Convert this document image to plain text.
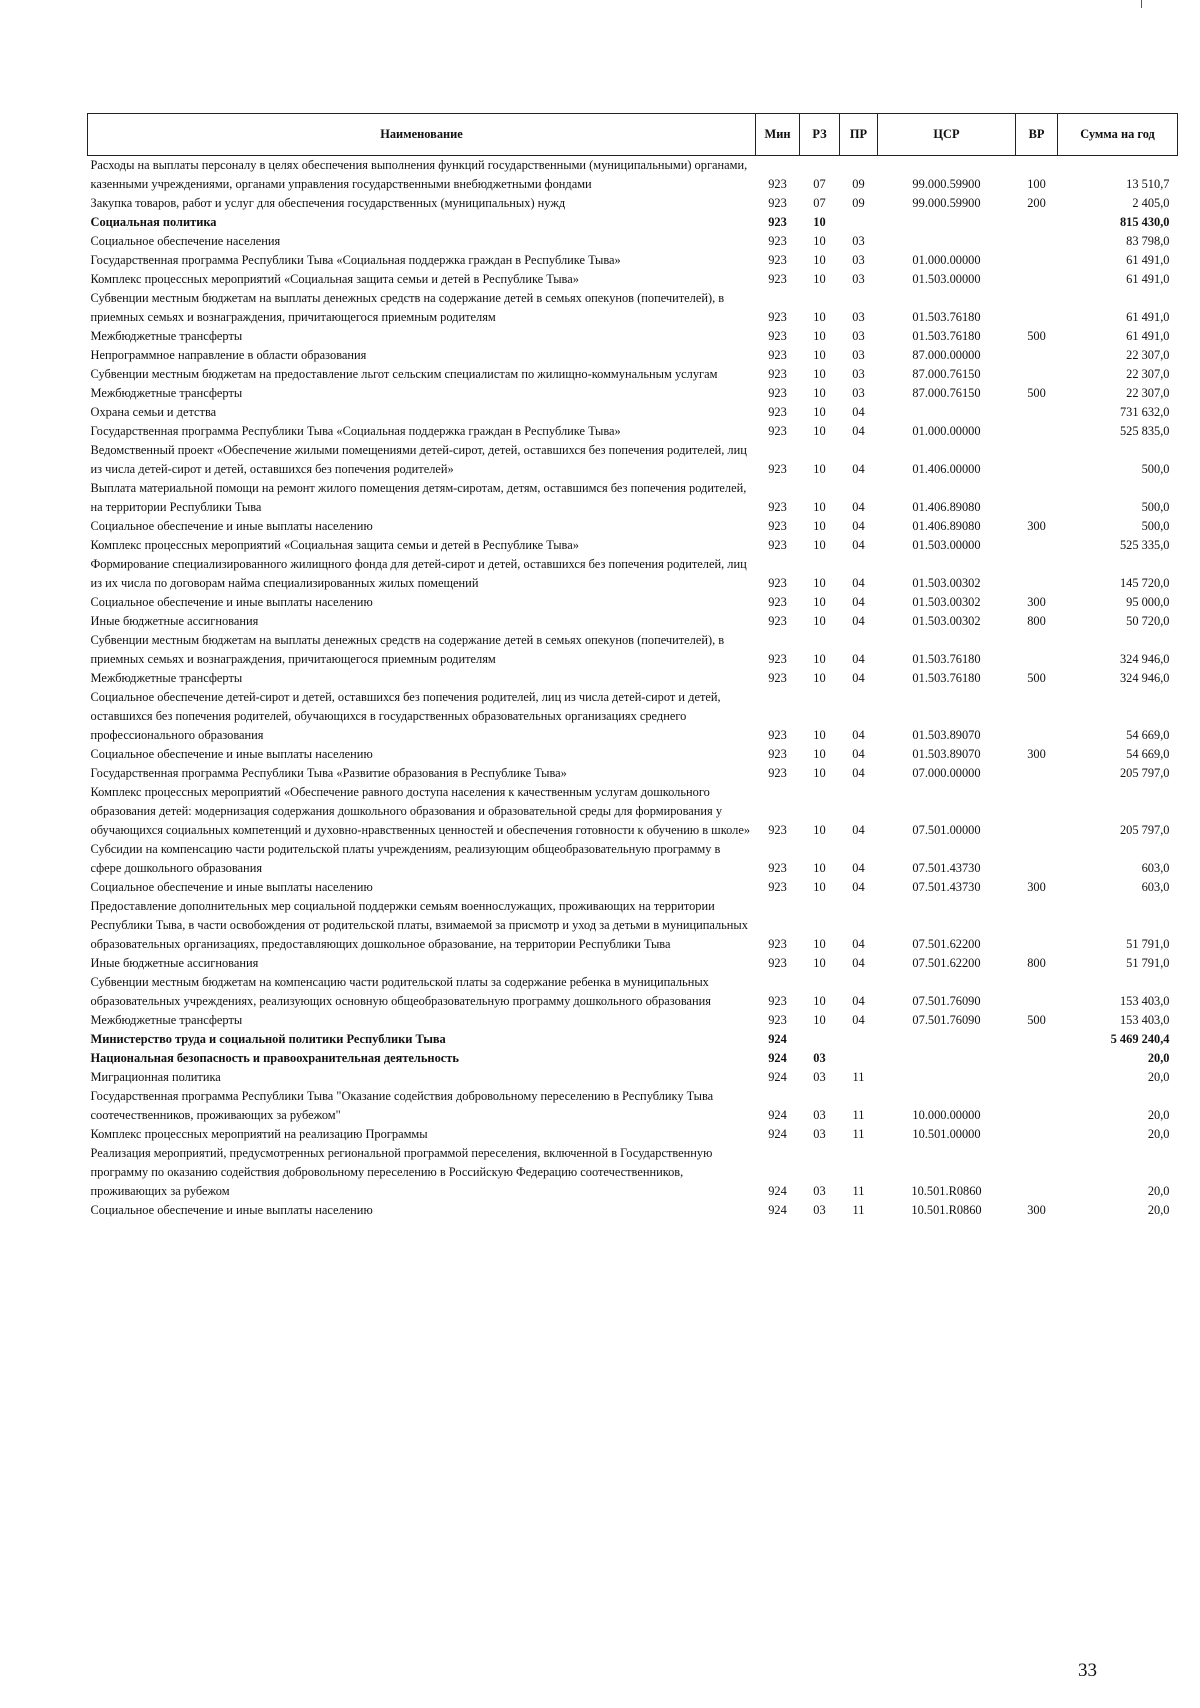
Наименование	Мин	РЗ	ПР	ЦСР	ВР	Сумма на год
Расходы на выплаты персоналу в целях обеспечения выполнения функций государственными (муниципальными) органами, казенными учреждениями, органами управления государственными внебюджетными фондами	923	07	09	99.000.59900	100	13 510,7
Закупка товаров, работ и услуг для обеспечения государственных (муниципальных) нужд	923	07	09	99.000.59900	200	2 405,0
Социальная политика	923	10				815 430,0
Социальное обеспечение населения	923	10	03			83 798,0
Государственная программа Республики Тыва «Социальная поддержка граждан в Республике Тыва»	923	10	03	01.000.00000		61 491,0
Комплекс процессных мероприятий «Социальная защита семьи и детей в Республике Тыва»	923	10	03	01.503.00000		61 491,0
Субвенции местным бюджетам на выплаты денежных средств на содержание детей в семьях опекунов (попечителей), в приемных семьях и вознаграждения, причитающегося приемным родителям	923	10	03	01.503.76180		61 491,0
Межбюджетные трансферты	923	10	03	01.503.76180	500	61 491,0
Непрограммное направление в области образования	923	10	03	87.000.00000		22 307,0
Субвенции местным бюджетам на предоставление льгот сельским специалистам по жилищно-коммунальным услугам	923	10	03	87.000.76150		22 307,0
Межбюджетные трансферты	923	10	03	87.000.76150	500	22 307,0
Охрана семьи и детства	923	10	04			731 632,0
Государственная программа Республики Тыва «Социальная поддержка граждан в Республике Тыва»	923	10	04	01.000.00000		525 835,0
Ведомственный проект «Обеспечение жилыми помещениями детей-сирот, детей, оставшихся без попечения родителей, лиц из числа детей-сирот и детей, оставшихся без попечения родителей»	923	10	04	01.406.00000		500,0
Выплата материальной помощи на ремонт жилого помещения детям-сиротам, детям, оставшимся без попечения родителей, на территории Республики Тыва	923	10	04	01.406.89080		500,0
Социальное обеспечение и иные выплаты населению	923	10	04	01.406.89080	300	500,0
Комплекс процессных мероприятий «Социальная защита семьи и детей в Республике Тыва»	923	10	04	01.503.00000		525 335,0
Формирование специализированного жилищного фонда для детей-сирот и детей, оставшихся без попечения родителей, лиц из их числа по договорам найма специализированных жилых помещений	923	10	04	01.503.00302		145 720,0
Социальное обеспечение и иные выплаты населению	923	10	04	01.503.00302	300	95 000,0
Иные бюджетные ассигнования	923	10	04	01.503.00302	800	50 720,0
Субвенции местным бюджетам на выплаты денежных средств на содержание детей в семьях опекунов (попечителей), в приемных семьях и вознаграждения, причитающегося приемным родителям	923	10	04	01.503.76180		324 946,0
Межбюджетные трансферты	923	10	04	01.503.76180	500	324 946,0
Социальное обеспечение детей-сирот и детей, оставшихся без попечения родителей, лиц из числа детей-сирот и детей, оставшихся без попечения родителей, обучающихся в государственных образовательных организациях среднего профессионального образования	923	10	04	01.503.89070		54 669,0
Социальное обеспечение и иные выплаты населению	923	10	04	01.503.89070	300	54 669,0
Государственная программа Республики Тыва «Развитие образования в Республике Тыва»	923	10	04	07.000.00000		205 797,0
Комплекс процессных мероприятий «Обеспечение равного доступа населения к качественным услугам дошкольного образования детей: модернизация содержания дошкольного образования и образовательной среды для формирования у обучающихся социальных компетенций и духовно-нравственных ценностей и обеспечения готовности к обучению в школе»	923	10	04	07.501.00000		205 797,0
Субсидии на компенсацию части родительской платы учреждениям, реализующим общеобразовательную программу в сфере дошкольного образования	923	10	04	07.501.43730		603,0
Социальное обеспечение и иные выплаты населению	923	10	04	07.501.43730	300	603,0
Предоставление дополнительных мер социальной поддержки семьям военнослужащих, проживающих на территории Республики Тыва, в части освобождения от родительской платы, взимаемой за присмотр и уход за детьми в муниципальных образовательных организациях, предоставляющих дошкольное образование, на территории Республики Тыва	923	10	04	07.501.62200		51 791,0
Иные бюджетные ассигнования	923	10	04	07.501.62200	800	51 791,0
Субвенции местным бюджетам на компенсацию части родительской платы за содержание ребенка в муниципальных образовательных учреждениях, реализующих основную общеобразовательную программу дошкольного образования	923	10	04	07.501.76090		153 403,0
Межбюджетные трансферты	923	10	04	07.501.76090	500	153 403,0
Министерство труда и социальной политики Республики Тыва	924					5 469 240,4
Национальная безопасность и правоохранительная деятельность	924	03				20,0
Миграционная политика	924	03	11			20,0
Государственная программа Республики Тыва "Оказание содействия добровольному переселению в Республику Тыва соотечественников, проживающих за рубежом"	924	03	11	10.000.00000		20,0
Комплекс процессных мероприятий на реализацию Программы	924	03	11	10.501.00000		20,0
Реализация мероприятий, предусмотренных региональной программой переселения, включенной в Государственную программу по оказанию содействия добровольному переселению в Российскую Федерацию соотечественников, проживающих за рубежом	924	03	11	10.501.R0860		20,0
Социальное обеспечение и иные выплаты населению	924	03	11	10.501.R0860	300	20,0
33
